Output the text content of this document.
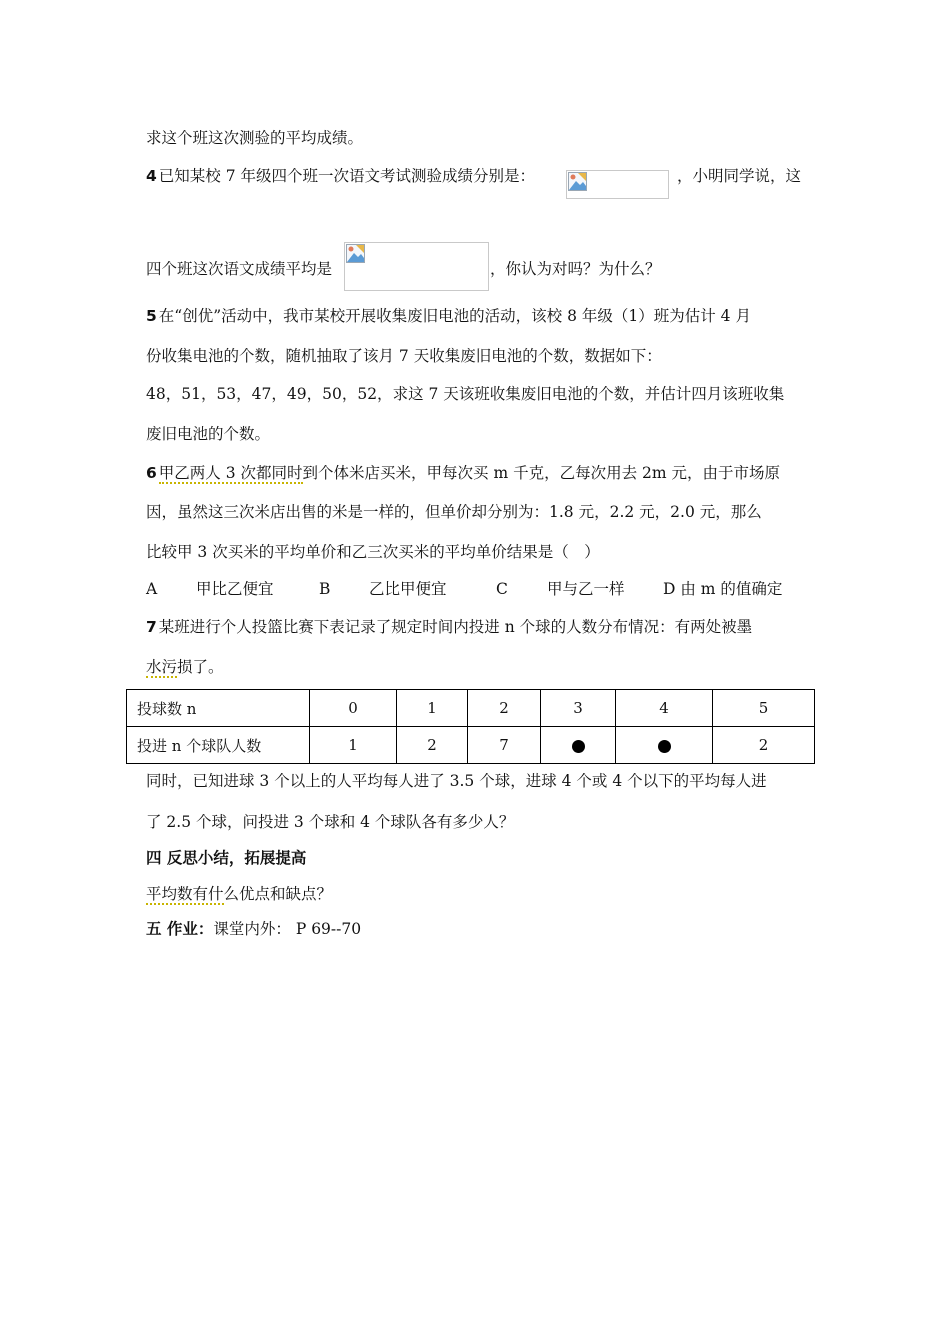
求这个班这次测验的平均成绩。
4 已知某校 7 年级四个班一次语文考试测验成绩分别是：	，小明同学说，这
四个班这次语文成绩平均是	，你认为对吗？为什么？
5 在“创优”活动中，我市某校开展收集废旧电池的活动，该校 8 年级（1）班为估计 4 月
份收集电池的个数，随机抽取了该月 7 天收集废旧电池的个数，数据如下：
48，51，53，47，49，50，52，求这 7 天该班收集废旧电池的个数，并估计四月该班收集
废旧电池的个数。
6 甲乙两人 3 次都同时到个体米店买米，甲每次买 m 千克，乙每次用去 2m 元，由于市场原
因，虽然这三次米店出售的米是一样的，但单价却分别为：1.8 元，2.2 元，2.0 元，那么
比较甲 3 次买米的平均单价和乙三次买米的平均单价结果是（　）
A	甲比乙便宜	B 乙比甲便宜	C	甲与乙一样 D 由 m 的值确定
7 某班进行个人投篮比赛下表记录了规定时间内投进 n 个球的人数分布情况：有两处被墨
水污损了。
投球数 n	0	1	2	3	4	5
投进 n 个球队人数	1	2	7			2
同时，已知进球 3 个以上的人平均每人进了 3.5 个球，进球 4 个或 4 个以下的平均每人进
了 2.5 个球，问投进 3 个球和 4 个球队各有多少人？
四 反思小结，拓展提高
平均数有什么优点和缺点？
五 作业：课堂内外： P 69--70
